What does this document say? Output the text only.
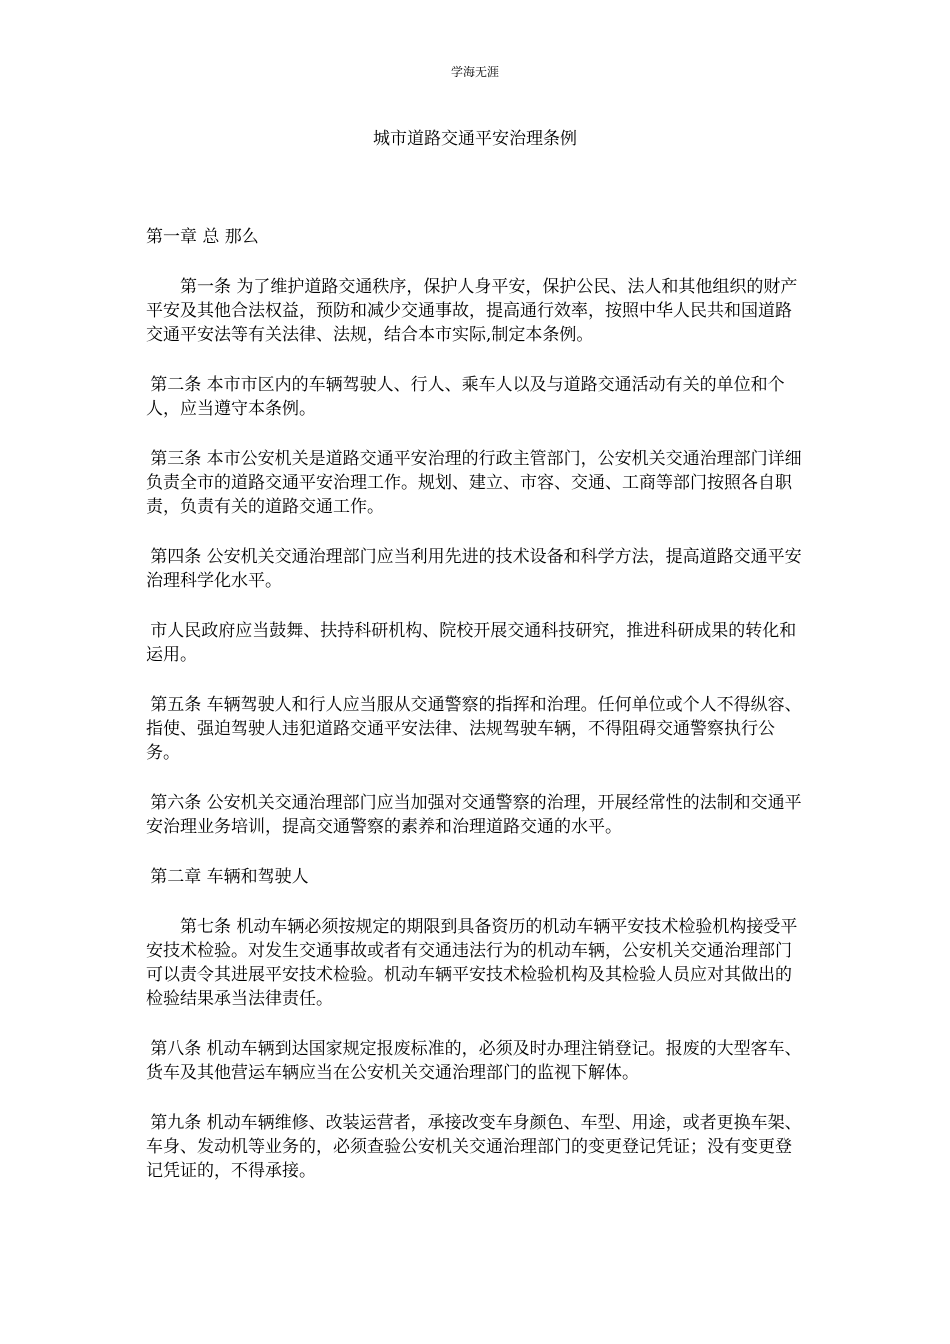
学海无涯
城市道路交通平安治理条例

第一章 总 那么

第一条 为了维护道路交通秩序，保护人身平安，保护公民、法人和其他组织的财产平安及其他合法权益，预防和减少交通事故，提高通行效率，按照中华人民共和国道路交通平安法等有关法律、法规，结合本市实际,制定本条例。

第二条 本市市区内的车辆驾驶人、行人、乘车人以及与道路交通活动有关的单位和个人，应当遵守本条例。

第三条 本市公安机关是道路交通平安治理的行政主管部门，公安机关交通治理部门详细负责全市的道路交通平安治理工作。规划、建立、市容、交通、工商等部门按照各自职责，负责有关的道路交通工作。

第四条 公安机关交通治理部门应当利用先进的技术设备和科学方法，提高道路交通平安治理科学化水平。

市人民政府应当鼓舞、扶持科研机构、院校开展交通科技研究，推进科研成果的转化和运用。

第五条 车辆驾驶人和行人应当服从交通警察的指挥和治理。任何单位或个人不得纵容、指使、强迫驾驶人违犯道路交通平安法律、法规驾驶车辆，不得阻碍交通警察执行公务。

第六条 公安机关交通治理部门应当加强对交通警察的治理，开展经常性的法制和交通平安治理业务培训，提高交通警察的素养和治理道路交通的水平。

第二章 车辆和驾驶人

第七条 机动车辆必须按规定的期限到具备资历的机动车辆平安技术检验机构接受平安技术检验。对发生交通事故或者有交通违法行为的机动车辆，公安机关交通治理部门可以责令其进展平安技术检验。机动车辆平安技术检验机构及其检验人员应对其做出的检验结果承当法律责任。

第八条 机动车辆到达国家规定报废标准的，必须及时办理注销登记。报废的大型客车、货车及其他营运车辆应当在公安机关交通治理部门的监视下解体。

第九条 机动车辆维修、改装运营者，承接改变车身颜色、车型、用途，或者更换车架、车身、发动机等业务的，必须查验公安机关交通治理部门的变更登记凭证；没有变更登记凭证的，不得承接。
